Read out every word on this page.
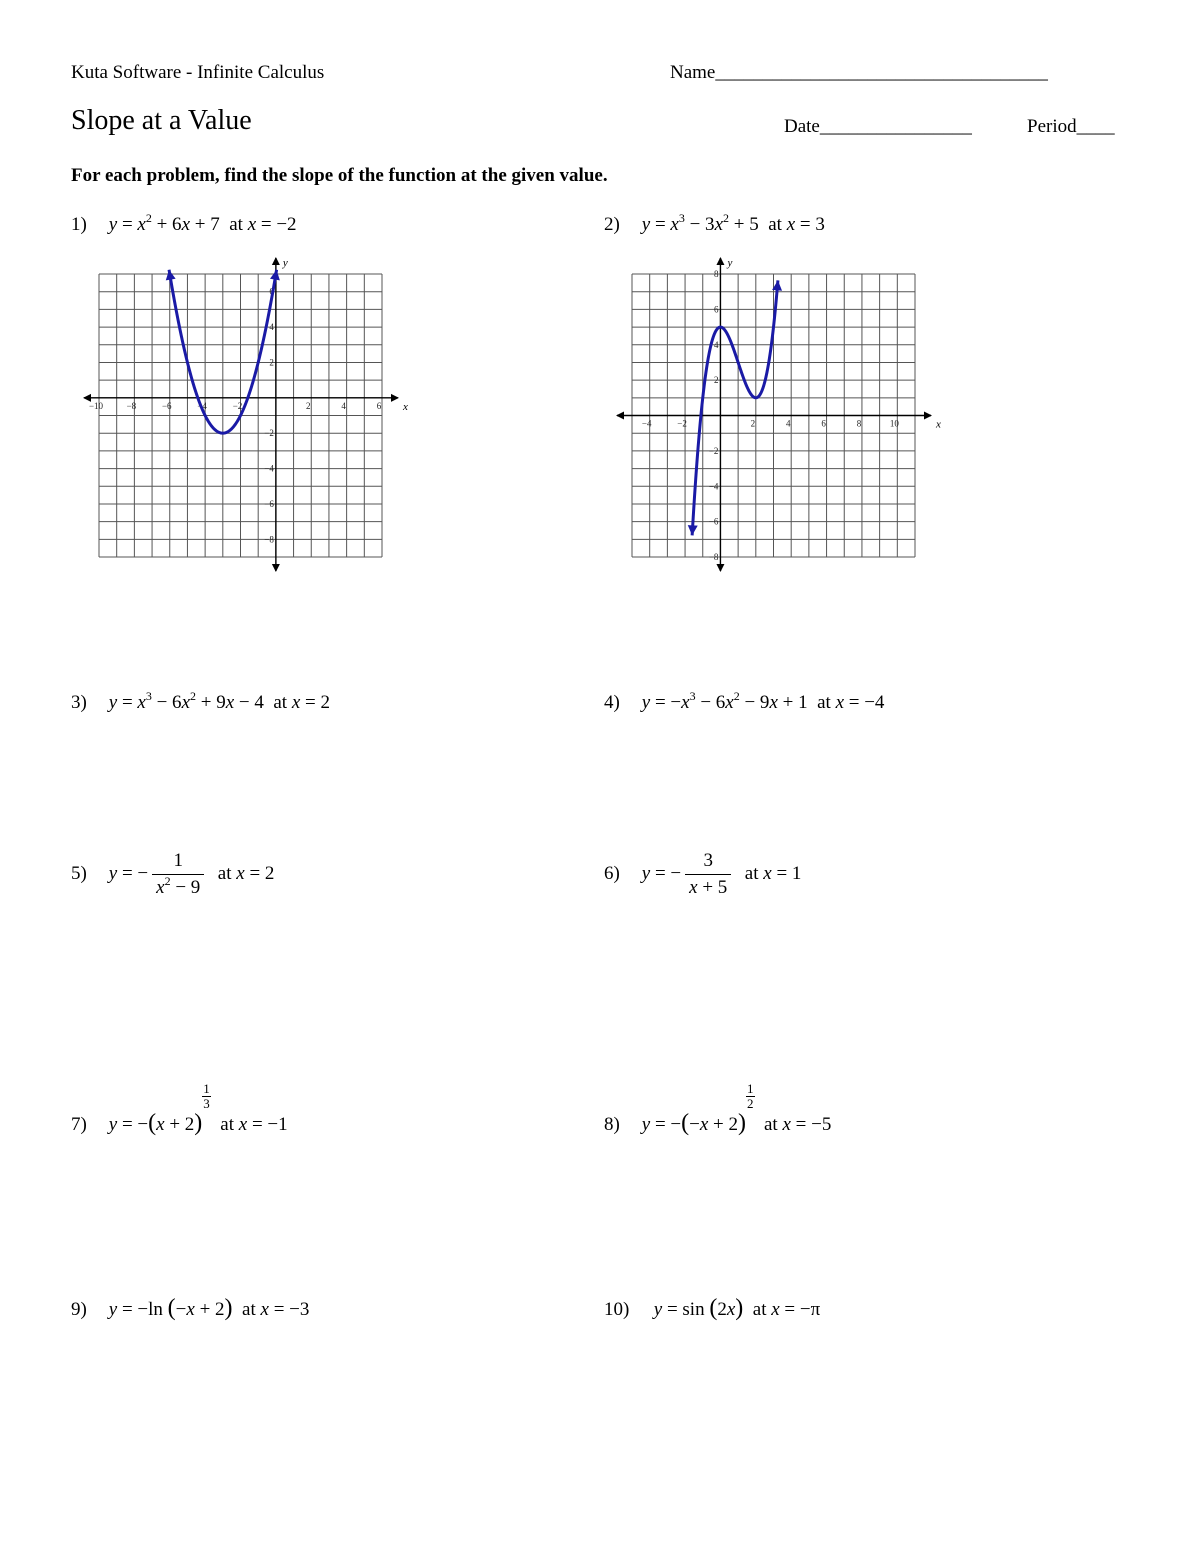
Kuta Software - Infinite Calculus	Name___________________________________
Slope at a Value	Date________________	Period____
For each problem, find the slope of the function at the given value.
1) $y = x^2 + 6x + 7$  at x = −2	2) $y = x^3 - 3x^2 + 5$  at x = 3
x
y
−10	−8	−6	−4	−2	2	4	6
−8
−6
−4
−2
2
4
6
x
y
−4	−2	2	4	6	8	10
−8
−6
−4
−2
2
4
6
8
3) $y = x^3 - 6x^2 + 9x - 4$  at x = 2	4) $y = -x^3 - 6x^2 - 9x + 1$  at x = −4
5) y = − $\frac{1}{x^2 - 9}$ at x = 2	6) y = − $\frac{3}{x + 5}$ at x = 1
7) y = −(x + 2)
$\frac{1}{3}$
at x = −1	8) y = −(−x + 2)
$\frac{1}{2}$
at x = −5
9) y = −ln (−x + 2) at x = −3	10) y = sin (2x) at x = −π
